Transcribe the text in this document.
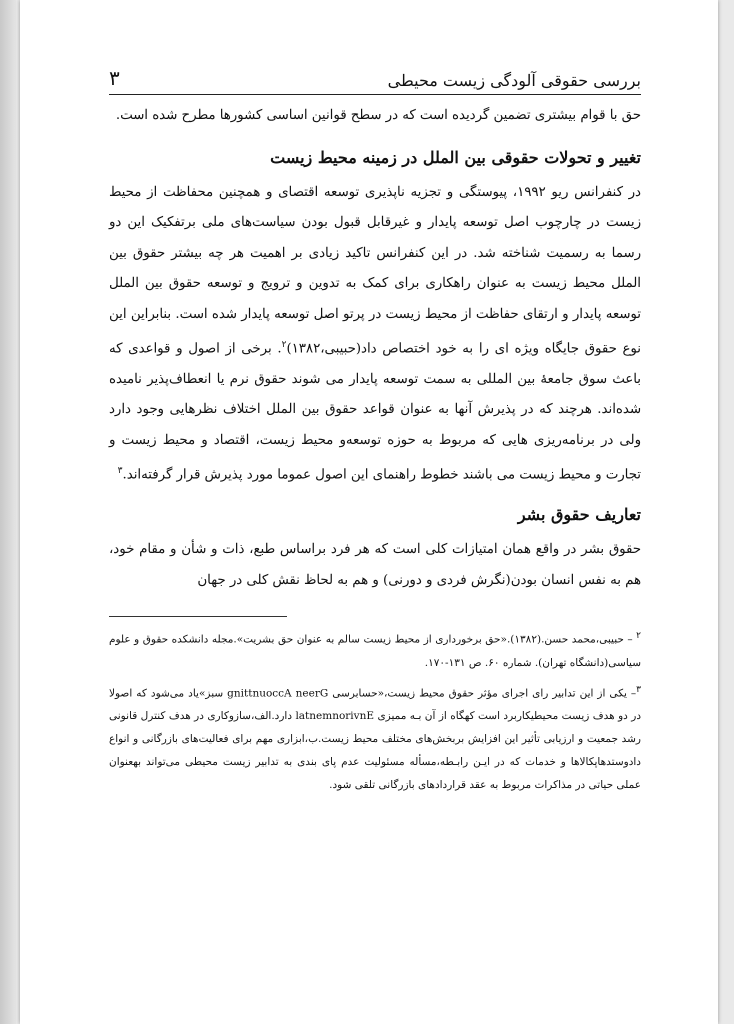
بررسی حقوقی آلودگی زیست محیطی
۳

حق با قوام بیشتری تضمین گردیده است که در سطح قوانین اساسی کشورها مطرح شده است.

تغییر و تحولات حقوقی بین الملل در زمینه محیط زیست

در کنفرانس ریو ۱۹۹۲، پیوستگی و تجزیه ناپذیری توسعه اقتصای و همچنین محفاظت از محیط زیست در چارچوب اصل توسعه پایدار و غیرقابل قبول بودن سیاست‌های ملی برتفکیک این دو رسما به رسمیت شناخته شد. در این کنفرانس تاکید زیادی بر اهمیت هر چه بیشتر حقوق بین الملل محیط زیست به عنوان راهکاری برای کمک به تدوین و ترویج و توسعه حقوق بین الملل توسعه پایدار و ارتقای حفاظت از محیط زیست در پرتو اصل توسعه پایدار شده است. بنابراین این نوع حقوق جایگاه ویژه ای را به خود اختصاص داد(حبیبی،۱۳۸۲)$^۲$. برخی از اصول و قواعدی که باعث سوق جامعهٔ بین المللی به سمت توسعه پایدار می شوند حقوق نرم یا انعطاف‌پذیر نامیده شده‌اند. هرچند که در پذیرش آنها به عنوان قواعد حقوق بین الملل اختلاف نظرهایی وجود دارد ولی در برنامه‌ریزی هایی که مربوط به حوزه توسعه‌و محیط زیست، اقتصاد و محیط زیست و تجارت و محیط زیست می باشند خطوط راهنمای این اصول عموما مورد پذیرش قرار گرفته‌اند.$^۳$

تعاریف حقوق بشر

حقوق بشر در واقع همان امتیازات کلی است که هر فرد براساس طبع، ذات و شأن و مقام خود، هم به نفس انسان بودن(نگرش فردی و دورنی) و هم به لحاظ نقش کلی در جهان

۲ – حبیبی،محمد حسن.(۱۳۸۲).«حق برخورداری از محیط زیست سالم به عنوان حق بشریت».مجله دانشکده حقوق و علوم سیاسی(دانشگاه تهران). شماره ۶۰. ص ۱۳۱-۱۷۰.

۳– یکی از این تدابیر رای اجرای مؤثر حقوق محیط زیست،«حسابرسی gnittnuoccA neerG سبز»یاد می‌شود که اصولا در دو هدف زیست محیطیکاربرد است کهگاه از آن بـه ممیزی latnemnorivnE دارد.الف،سازوکاری در هدف کنترل قانونی رشد جمعیت و ارزیابی تأثیر این افزایش بربخش‌های مختلف محیط زیست.ب،ابزاری مهم برای فعالیت‌های بازرگانی و انواع دادوستدهاپکالاها و خدمات که در ایـن رابـطه،مسأله مسئولیت عدم پای بندی به تدابیر زیست محیطی می‌تواند بهعنوان عملی حیاتی در مذاکرات مربوط به عقد قراردادهای بازرگانی تلقی شود.
